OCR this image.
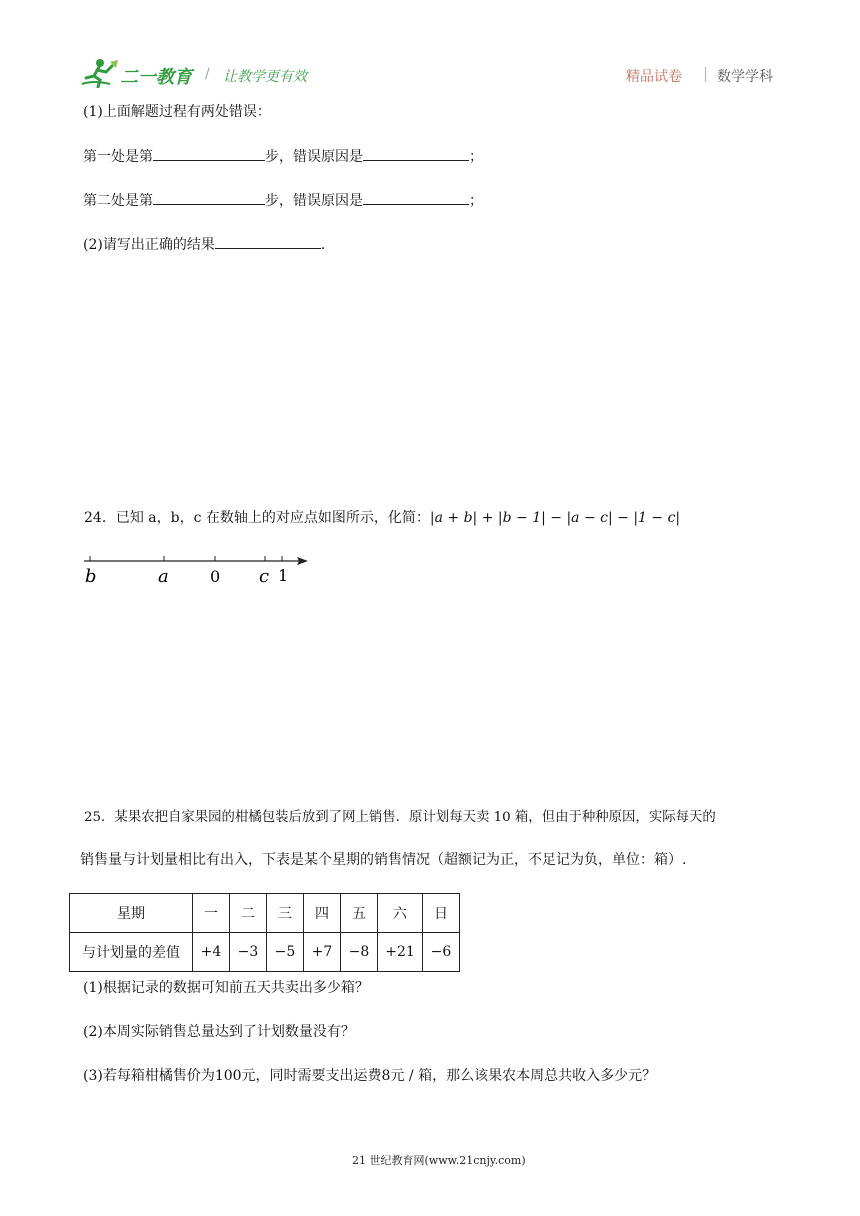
二一教育 / 让教学更有效	精品试卷 | 数学学科
(1)上面解题过程有两处错误：
第一处是第	步，错误原因是	；
第二处是第	步，错误原因是	；
(2)请写出正确的结果	.
24．已知 a，b，c 在数轴上的对应点如图所示，化简：|a + b| + |b − 1| − |a − c| − |1 − c|
b	a	0 c 1
25．某果农把自家果园的柑橘包装后放到了网上销售．原计划每天卖 10 箱，但由于种种原因，实际每天的
销售量与计划量相比有出入，下表是某个星期的销售情况（超额记为正，不足记为负，单位：箱）.
星期	一	二	三	四	五	六	日
与计划量的差值	+4	−3	−5	+7	−8	+21	−6
(1)根据记录的数据可知前五天共卖出多少箱？
(2)本周实际销售总量达到了计划数量没有？
(3)若每箱柑橘售价为100元，同时需要支出运费8元 / 箱，那么该果农本周总共收入多少元？
21 世纪教育网(www.21cnjy.com)
